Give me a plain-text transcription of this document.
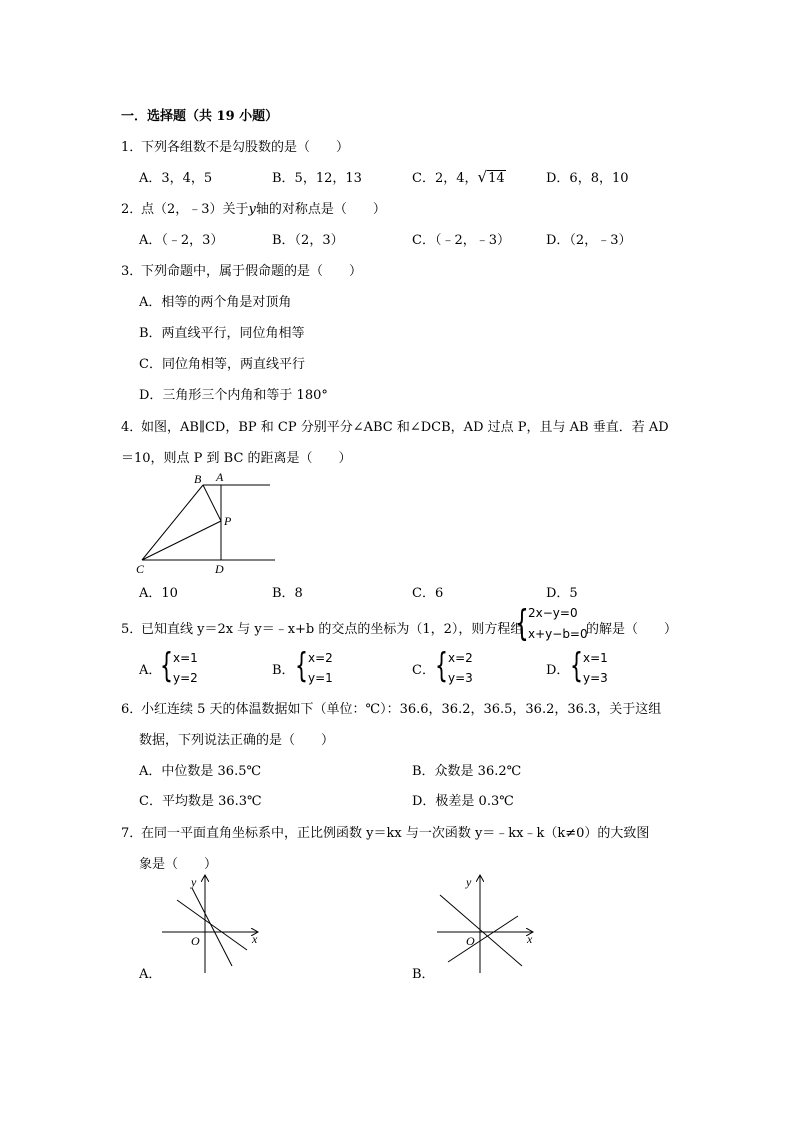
一．选择题（共 19 小题）
1．
下列各组数不是勾股数的是（　　）
A．3，4，5	B．5，12，13	C．2，4，√14	D．6，8，10
2．
点（2，﹣3）关于y轴的对称点是（　　）
A．（﹣2，3）	B．（2，3）	C．（﹣2，﹣3）	D．（2，﹣3）
3．
下列命题中，属于假命题的是（　　）
A．相等的两个角是对顶角
B．两直线平行，同位角相等
C．同位角相等，两直线平行
D．三角形三个内角和等于 180°
4．
如图，AB∥CD，BP 和 CP 分别平分∠ABC 和∠DCB，AD 过点 P，且与 AB 垂直．若 AD
＝10，则点 P 到 BC 的距离是（　　）
B A
P
C	D
A．10	B．8	C．6	D．5
5．
已知直线 y＝2x 与 y＝﹣x+b 的交点的坐标为（1，2），则方程组
{ 2x−y=0
x+y−b=0
的解是（　　）
A．
{ x=1
y=2	B． { x=2
y=1	C． { x=2
y=3	D． { x=1
y=3
6．
小红连续 5 天的体温数据如下（单位：℃）：36.6，36.2，36.5，36.2，36.3，关于这组
数据，下列说法正确的是（　　）
A．中位数是 36.5℃	B．众数是 36.2℃
C．平均数是 36.3℃	D．极差是 0.3℃
7．
在同一平面直角坐标系中，正比例函数 y＝kx 与一次函数 y＝﹣kx﹣k（k≠0）的大致图
象是（　　）
y
x
O
A．
y
x
O
B．
